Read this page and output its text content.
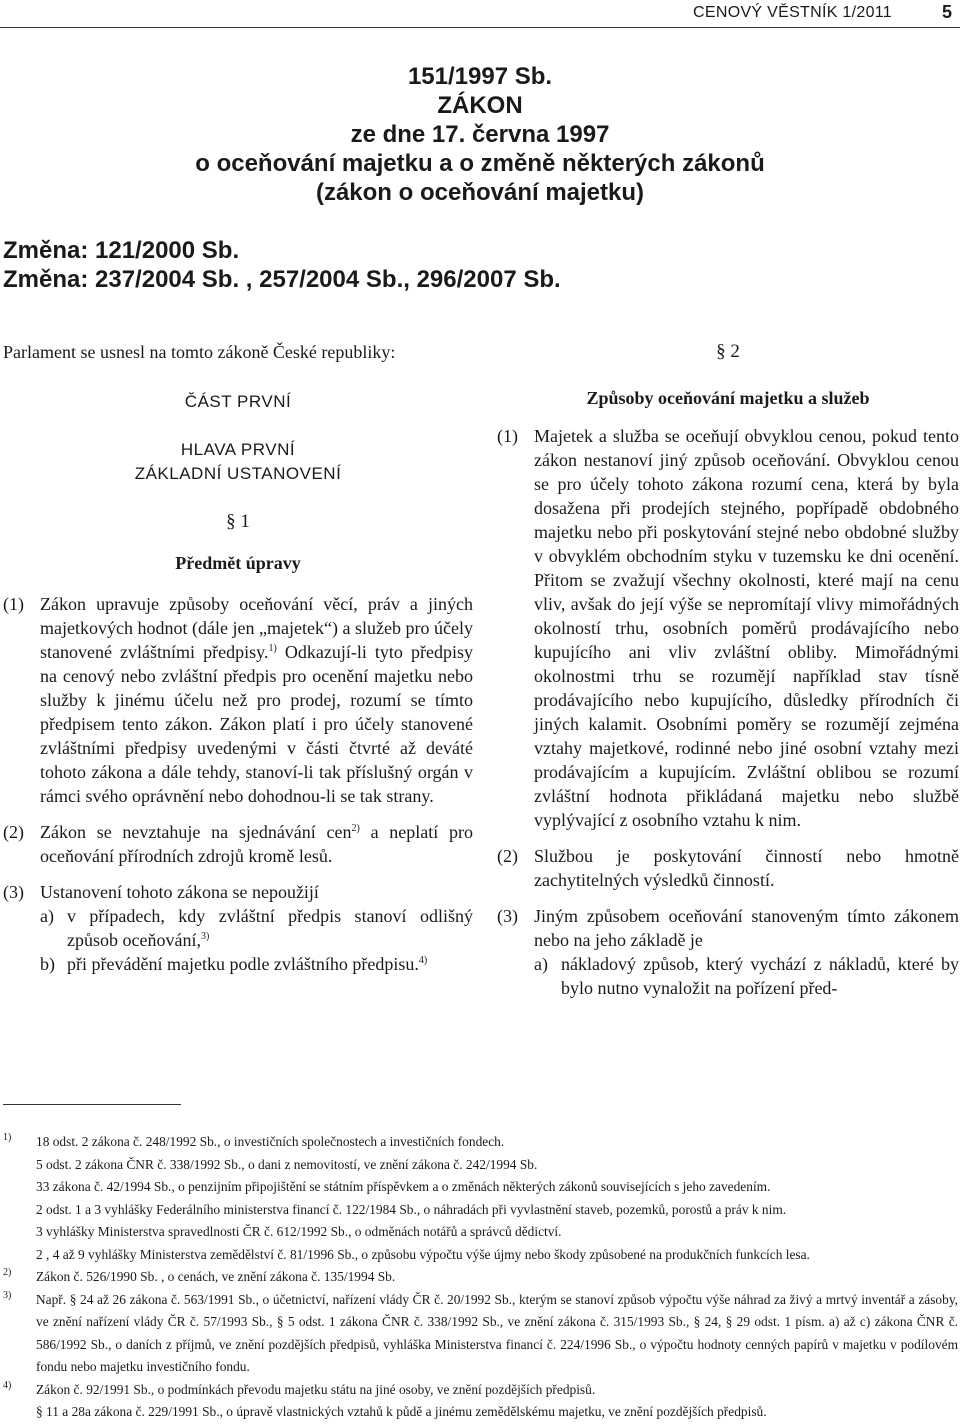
CENOVÝ VĚSTNÍK 1/2011	5
151/1997 Sb.
ZÁKON
ze dne 17. června 1997
o oceňování majetku a o změně některých zákonů
(zákon o oceňování majetku)
Změna: 121/2000 Sb.
Změna: 237/2004 Sb. , 257/2004 Sb., 296/2007 Sb.

Parlament se usnesl na tomto zákoně České republiky:

ČÁST PRVNÍ

HLAVA PRVNÍ

ZÁKLADNÍ USTANOVENÍ

§ 1

Předmět úpravy

(1) Zákon upravuje způsoby oceňování věcí, práv a jiných majetkových hodnot (dále jen „majetek“) a služeb pro účely stanovené zvláštními předpisy.$^{1)}$ Odkazují-li tyto předpisy na cenový nebo zvláštní předpis pro ocenění majetku nebo služby k jinému účelu než pro prodej, rozumí se tímto předpisem tento zákon. Zákon platí i pro účely stanovené zvláštními předpisy uvedenými v části čtvrté až deváté tohoto zákona a dále tehdy, stanoví-li tak příslušný orgán v rámci svého oprávnění nebo dohodnou-li se tak strany.
(2) Zákon se nevztahuje na sjednávání cen$^{2)}$ a neplatí pro oceňování přírodních zdrojů kromě lesů.
(3) Ustanovení tohoto zákona se nepoužijí
a) v případech, kdy zvláštní předpis stanoví odlišný způsob oceňování,$^{3)}$
b) při převádění majetku podle zvláštního předpisu.$^{4)}$

§ 2

Způsoby oceňování majetku a služeb

(1) Majetek a služba se oceňují obvyklou cenou, pokud tento zákon nestanoví jiný způsob oceňování. Obvyklou cenou se pro účely tohoto zákona rozumí cena, která by byla dosažena při prodejích stejného, popřípadě obdobného majetku nebo při poskytování stejné nebo obdobné služby v obvyklém obchodním styku v tuzemsku ke dni ocenění. Přitom se zvažují všechny okolnosti, které mají na cenu vliv, avšak do její výše se nepromítají vlivy mimořádných okolností trhu, osobních poměrů prodávajícího nebo kupujícího ani vliv zvláštní obliby. Mimořádnými okolnostmi trhu se rozumějí například stav tísně prodávajícího nebo kupujícího, důsledky přírodních či jiných kalamit. Osobními poměry se rozumějí zejména vztahy majetkové, rodinné nebo jiné osobní vztahy mezi prodávajícím a kupujícím. Zvláštní oblibou se rozumí zvláštní hodnota přikládaná majetku nebo službě vyplývající z osobního vztahu k nim.
(2) Službou je poskytování činností nebo hmotně zachytitelných výsledků činností.
(3) Jiným způsobem oceňování stanoveným tímto zákonem nebo na jeho základě je
a) nákladový způsob, který vychází z nákladů, které by bylo nutno vynaložit na pořízení před-
1)	18 odst. 2 zákona č. 248/1992 Sb., o investičních společnostech a investičních fondech.
5 odst. 2 zákona ČNR č. 338/1992 Sb., o dani z nemovitostí, ve znění zákona č. 242/1994 Sb.
33 zákona č. 42/1994 Sb., o penzijním připojištění se státním příspěvkem a o změnách některých zákonů souvisejících s jeho zavedením.
2 odst. 1 a 3 vyhlášky Federálního ministerstva financí č. 122/1984 Sb., o náhradách při vyvlastnění staveb, pozemků, porostů a práv k nim.
3 vyhlášky Ministerstva spravedlnosti ČR č. 612/1992 Sb., o odměnách notářů a správců dědictví.
2 , 4 až 9 vyhlášky Ministerstva zemědělství č. 81/1996 Sb., o způsobu výpočtu výše újmy nebo škody způsobené na produkčních funkcích lesa.
2)	Zákon č. 526/1990 Sb. , o cenách, ve znění zákona č. 135/1994 Sb.
3)	Např. § 24 až 26 zákona č. 563/1991 Sb., o účetnictví, nařízení vlády ČR č. 20/1992 Sb., kterým se stanoví způsob výpočtu výše náhrad za živý a mrtvý inventář a zásoby, ve znění nařízení vlády ČR č. 57/1993 Sb., § 5 odst. 1 zákona ČNR č. 338/1992 Sb., ve znění zákona č. 315/1993 Sb., § 24, § 29 odst. 1 písm. a) až c) zákona ČNR č. 586/1992 Sb., o daních z příjmů, ve znění pozdějších předpisů, vyhláška Ministerstva financí č. 224/1996 Sb., o výpočtu hodnoty cenných papírů v majetku v podílovém fondu nebo majetku investičního fondu.
4)	Zákon č. 92/1991 Sb., o podmínkách převodu majetku státu na jiné osoby, ve znění pozdějších předpisů.
§ 11 a 28a zákona č. 229/1991 Sb., o úpravě vlastnických vztahů k půdě a jinému zemědělskému majetku, ve znění pozdějších předpisů.
